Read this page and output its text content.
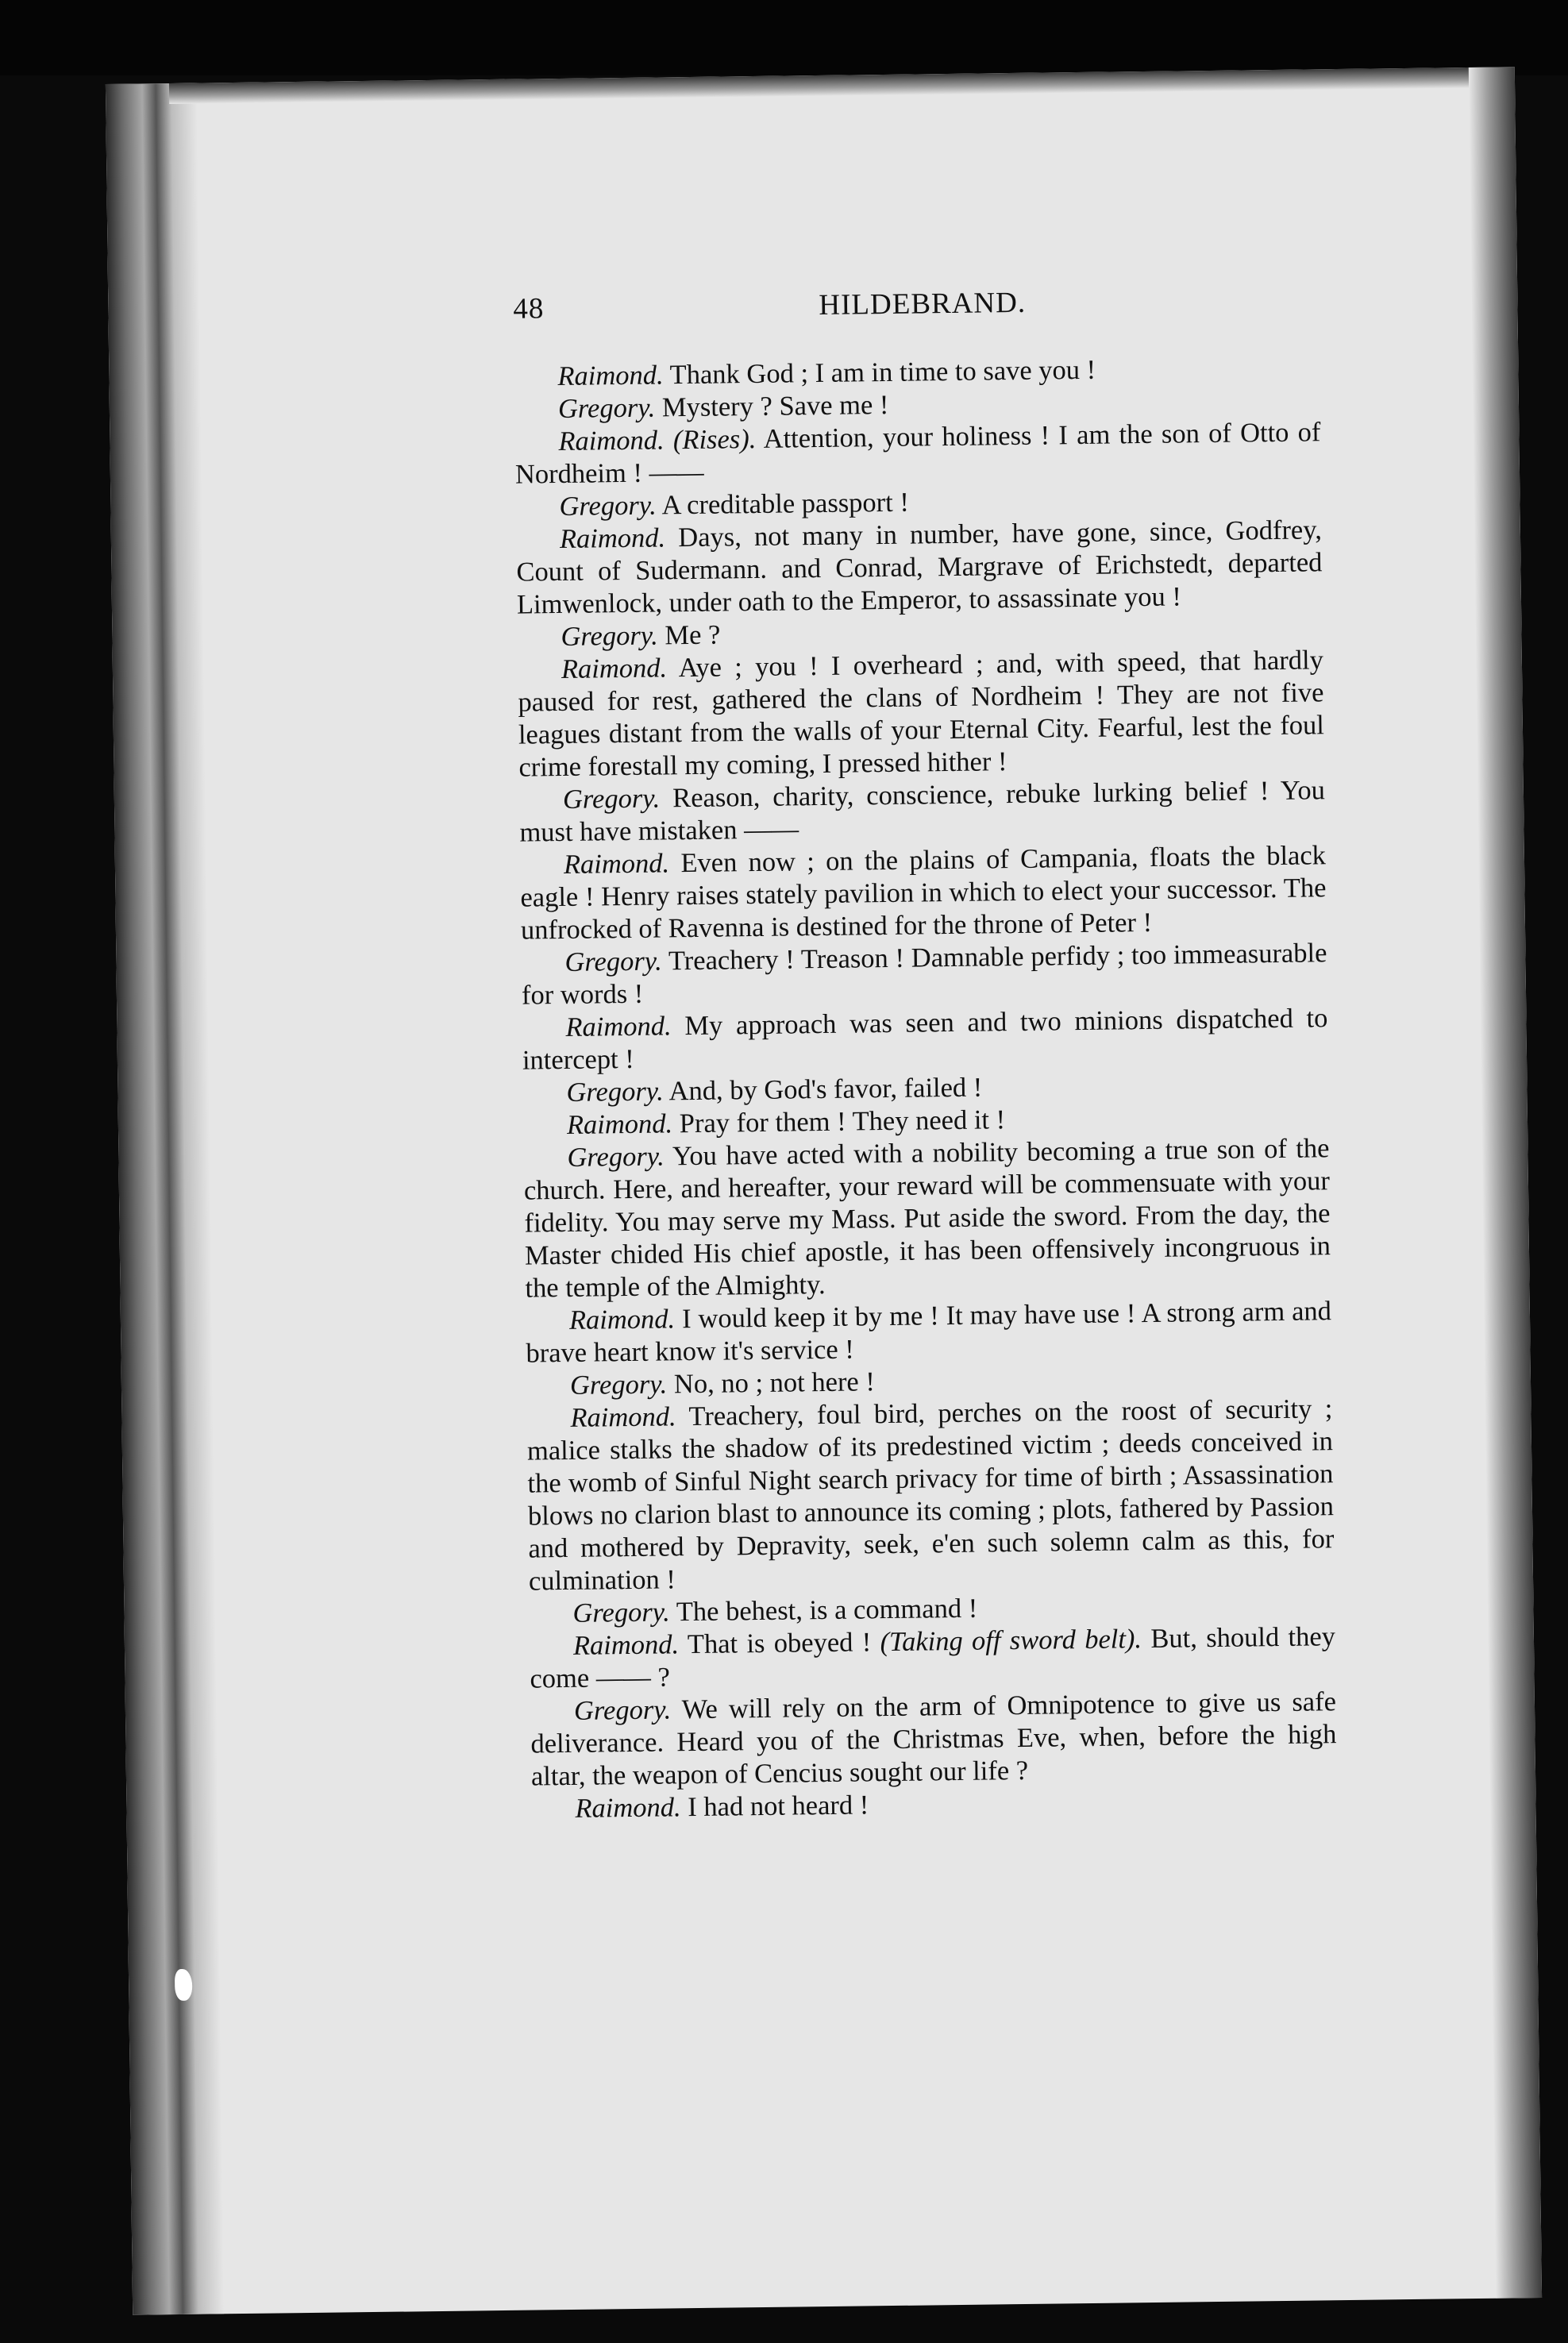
48	HILDEBRAND.

Raimond. Thank God ; I am in time to save you !

Gregory. Mystery ? Save me !

Raimond. (Rises). Attention, your holiness ! I am the son of Otto of Nordheim ! ——

Gregory. A creditable passport !

Raimond. Days, not many in number, have gone, since, Godfrey, Count of Sudermann. and Conrad, Margrave of Erichstedt, departed Limwenlock, under oath to the Emperor, to assassinate you !

Gregory. Me ?

Raimond. Aye ; you ! I overheard ; and, with speed, that hardly paused for rest, gathered the clans of Nordheim ! They are not five leagues distant from the walls of your Eternal City. Fearful, lest the foul crime forestall my coming, I pressed hither !

Gregory. Reason, charity, conscience, rebuke lurking belief ! You must have mistaken ——

Raimond. Even now ; on the plains of Campania, floats the black eagle ! Henry raises stately pavilion in which to elect your successor. The unfrocked of Ravenna is destined for the throne of Peter !

Gregory. Treachery ! Treason ! Damnable perfidy ; too immeasurable for words !

Raimond. My approach was seen and two minions dispatched to intercept !

Gregory. And, by God's favor, failed !

Raimond. Pray for them ! They need it !

Gregory. You have acted with a nobility becoming a true son of the church. Here, and hereafter, your reward will be commensuate with your fidelity. You may serve my Mass. Put aside the sword. From the day, the Master chided His chief apostle, it has been offensively incongruous in the temple of the Almighty.

Raimond. I would keep it by me ! It may have use ! A strong arm and brave heart know it's service !

Gregory. No, no ; not here !

Raimond. Treachery, foul bird, perches on the roost of security ; malice stalks the shadow of its predestined victim ; deeds conceived in the womb of Sinful Night search privacy for time of birth ; Assassination blows no clarion blast to announce its coming ; plots, fathered by Passion and mothered by Depravity, seek, e'en such solemn calm as this, for culmination !

Gregory. The behest, is a command !

Raimond. That is obeyed ! (Taking off sword belt). But, should they come —— ?

Gregory. We will rely on the arm of Omnipotence to give us safe deliverance. Heard you of the Christmas Eve, when, before the high altar, the weapon of Cencius sought our life ?

Raimond. I had not heard !
